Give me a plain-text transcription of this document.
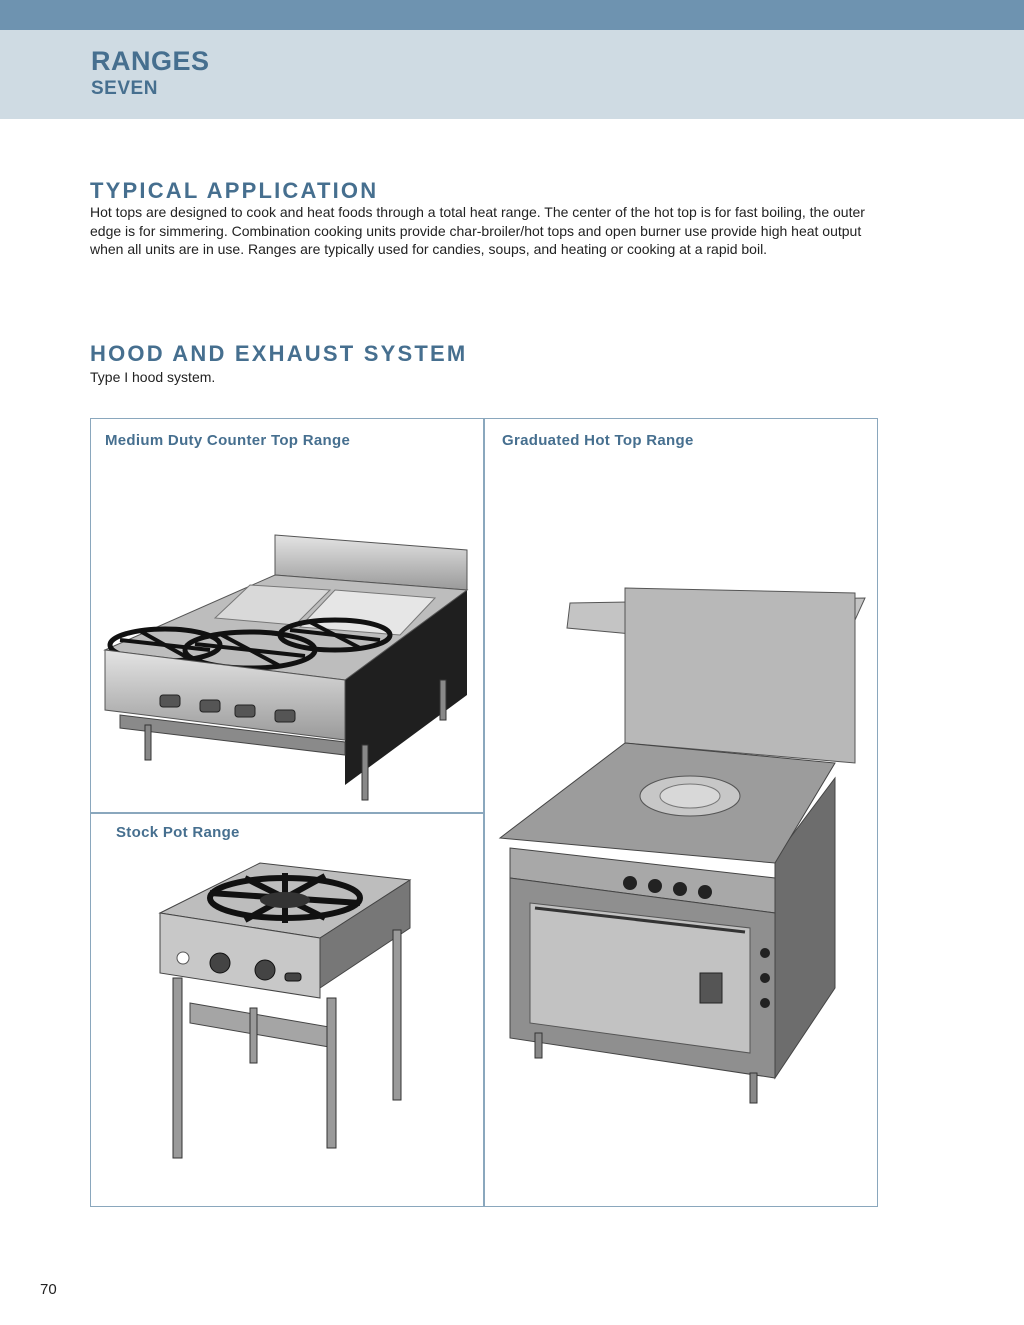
RANGES
SEVEN
TYPICAL APPLICATION
Hot tops are designed to cook and heat foods through a total heat range. The center of the hot top is for fast boiling, the outer edge is for simmering. Combination cooking units provide char-broiler/hot tops and open burner use provide high heat output when all units are in use. Ranges are typically used for candies, soups, and heating or cooking at a rapid boil.
HOOD AND EXHAUST SYSTEM
Type I hood system.
Medium Duty Counter Top Range	Graduated Hot Top Range
Stock Pot Range
70
